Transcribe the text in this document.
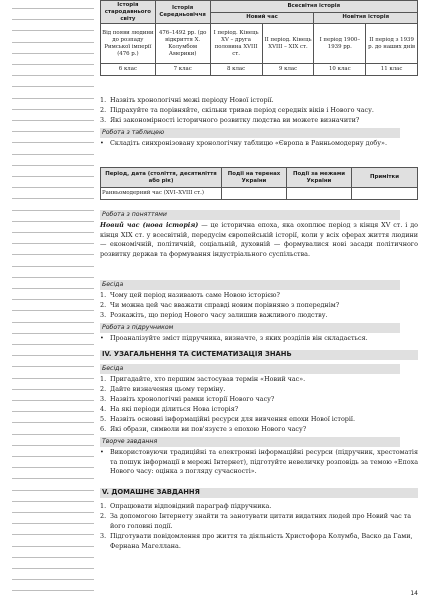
Історія стародавнього світу	Історія Середньовіччя	Всесвітня історія			
		Новий час		Новітня історія	
Від появи людини до розпаду Римської імперії (476 р.)	476–1492 рр. (до відкриття Х. Колумбом Америки)	І період. Кінець XV – друга половина XVIII ст.	ІІ період. Кінець XVIII – XIX ст.	І період 1900–1939 рр.	ІІ період з 1939 р. до наших днів
6 клас	7 клас	8 клас	9 клас	10 клас	11 клас
1. Назвіть хронологічні межі періоду Нової історії.
2. Підрахуйте та порівняйте, скільки тривав період середніх віків і Нового часу.
3. Які закономірності історичного розвитку людства ви можете визначити?
Робота з таблицею
• Складіть синхронізовану хронологічну таблицю «Європа в Ранньомодерну добу».
Період, дата (століття, десятиліття або рік)	Події на теренах України	Події за межами України	Примітки
Ранньомодерний час (XVI–XVIII ст.)			
Робота з поняттями
Новий час (нова історія) — це історична епоха, яка охоплює період з кінця XV ст. і до кінця XIX ст. у всесвітній, передусім європейській історії, коли у всіх сферах життя людини — економічній, політичній, соціальній, духовній — формувалися нові засади політичного розвитку держав та формування індустріального суспільства.
Бесіда
1. Чому цей період називають саме Новою історією?
2. Чи можна цей час вважати справді новим порівняно з попереднім?
3. Розкажіть, що період Нового часу залишив важливого людству.
Робота з підручником
• Проаналізуйте зміст підручника, визначте, з яких розділів він складається.
IV. УЗАГАЛЬНЕННЯ ТА СИСТЕМАТИЗАЦІЯ ЗНАНЬ
Бесіда
1. Пригадайте, хто першим застосував термін «Новий час».
2. Дайте визначення цьому терміну.
3. Назвіть хронологічні рамки історії Нового часу?
4. На які періоди ділиться Нова історія?
5. Назвіть основні інформаційні ресурси для вивчення епохи Нової історії.
6. Які образи, символи ви пов'язуєте з епохою Нового часу?
Творче завдання
• Використовуючи традиційні та електронні інформаційні ресурси (підручник, хрестоматія та пошук інформації в мережі Інтернет), підготуйте невеличку розповідь за темою «Епоха Нового часу: оцінка з погляду сучасності».
V. ДОМАШНЄ ЗАВДАННЯ
1. Опрацювати відповідний параграф підручника.
2. За допомогою Інтернету знайти та занотувати цитати видатних людей про Новий час та його головні події.
3. Підготувати повідомлення про життя та діяльність Христофора Колумба, Васко да Гами, Фернана Магеллана.
14
